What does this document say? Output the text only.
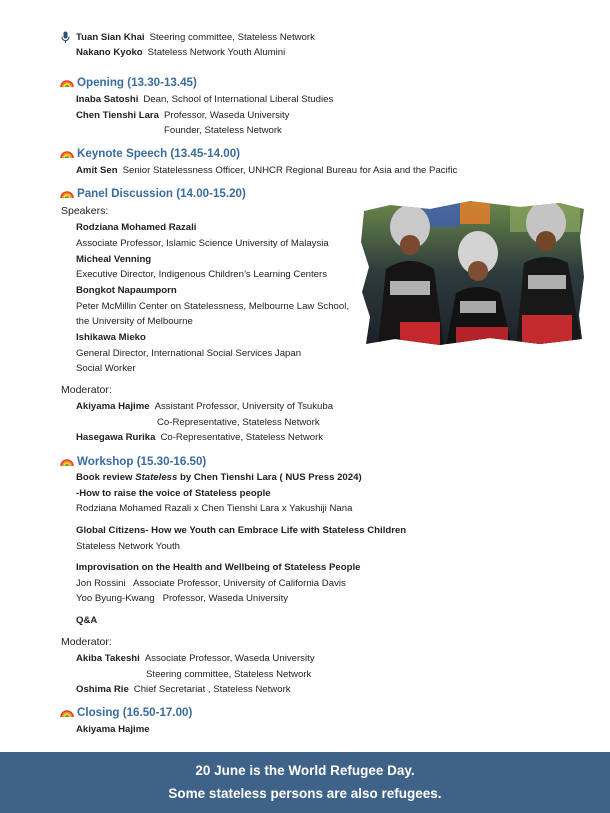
Tuan Sian Khai Steering committee, Stateless Network
Nakano Kyoko Stateless Network Youth Alumini
Opening (13.30-13.45)
Inaba Satoshi Dean, School of International Liberal Studies
Chen Tienshi Lara Professor, Waseda University
Founder, Stateless Network
Keynote Speech (13.45-14.00)
Amit Sen Senior Statelessness Officer, UNHCR Regional Bureau for Asia and the Pacific
Panel Discussion (14.00-15.20)
Speakers:
Rodziana Mohamed Razali
Associate Professor, Islamic Science University of Malaysia
Micheal Venning
Executive Director, Indigenous Children’s Learning Centers
Bongkot Napaumporn
Peter McMillin Center on Statelessness, Melbourne Law School,
the University of Melbourne
Ishikawa Mieko
General Director, International Social Services Japan
Social Worker
Moderator:
Akiyama Hajime Assistant Professor, University of Tsukuba
Co-Representative, Stateless Network
Hasegawa Rurika Co-Representative, Stateless Network
Workshop (15.30-16.50)
Book review Stateless by Chen Tienshi Lara ( NUS Press 2024)
-How to raise the voice of Stateless people
Rodziana Mohamed Razali x Chen Tienshi Lara x Yakushiji Nana
Global Citizens- How we Youth can Embrace Life with Stateless Children
Stateless Network Youth
Improvisation on the Health and Wellbeing of Stateless People
Jon Rossini   Associate Professor, University of California Davis
Yoo Byung-Kwang   Professor, Waseda University
Q&A
Moderator:
Akiba Takeshi Associate Professor, Waseda University
Steering committee, Stateless Network
Oshima Rie Chief Secretariat , Stateless Network
Closing (16.50-17.00)
Akiyama Hajime
20 June is the World Refugee Day.
Some stateless persons are also refugees.
